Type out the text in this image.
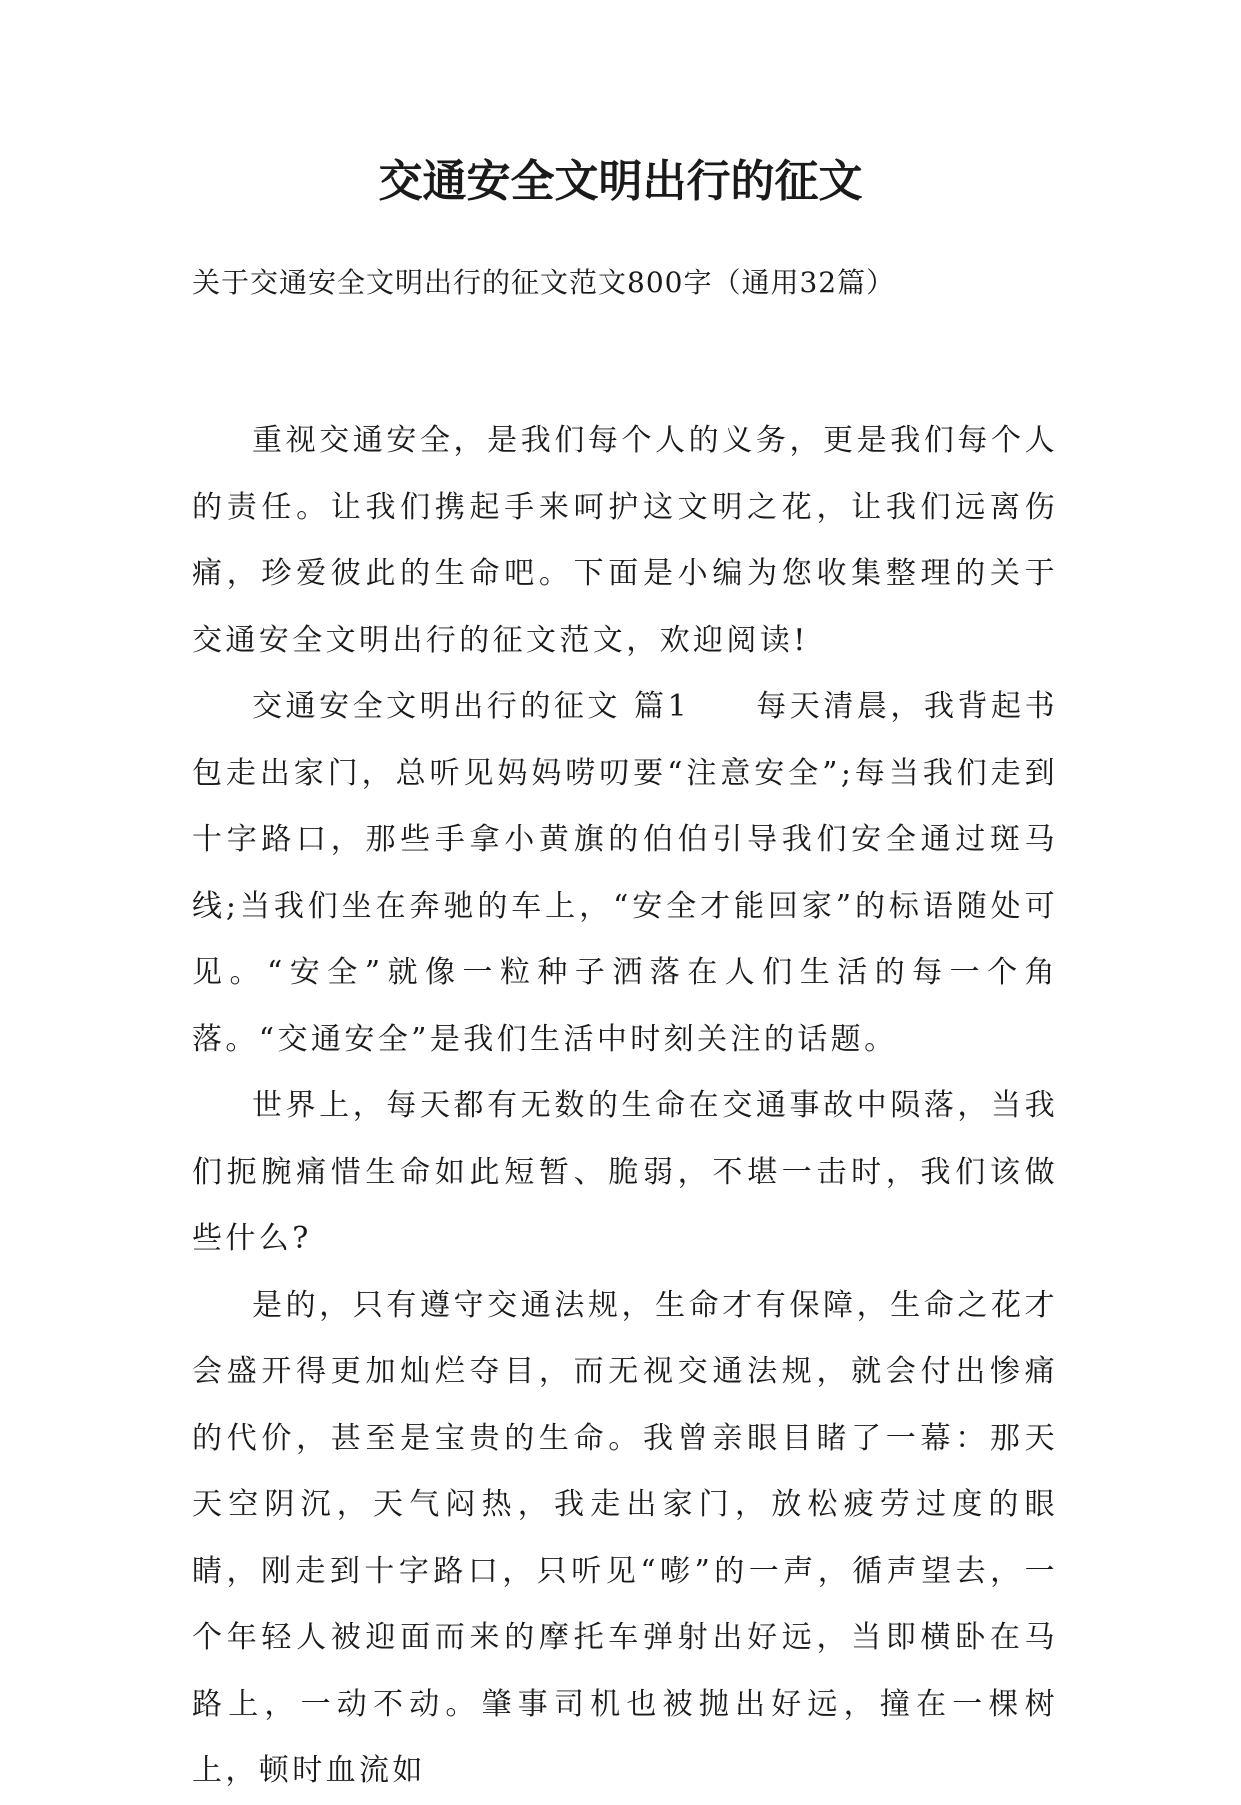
交通安全文明出行的征文

关于交通安全文明出行的征文范文800字（通用32篇）

重视交通安全，是我们每个人的义务，更是我们每个人的责任。让我们携起手来呵护这文明之花，让我们远离伤痛，珍爱彼此的生命吧。下面是小编为您收集整理的关于交通安全文明出行的征文范文，欢迎阅读!

交通安全文明出行的征文 篇1 每天清晨，我背起书包走出家门，总听见妈妈唠叨要“注意安全”;每当我们走到十字路口，那些手拿小黄旗的伯伯引导我们安全通过斑马线;当我们坐在奔驰的车上，“安全才能回家”的标语随处可见。“安全”就像一粒种子洒落在人们生活的每一个角落。“交通安全”是我们生活中时刻关注的话题。

世界上，每天都有无数的生命在交通事故中陨落，当我们扼腕痛惜生命如此短暂、脆弱，不堪一击时，我们该做些什么?

是的，只有遵守交通法规，生命才有保障，生命之花才会盛开得更加灿烂夺目，而无视交通法规，就会付出惨痛的代价，甚至是宝贵的生命。我曾亲眼目睹了一幕：那天天空阴沉，天气闷热，我走出家门，放松疲劳过度的眼睛，刚走到十字路口，只听见“嘭”的一声，循声望去，一个年轻人被迎面而来的摩托车弹射出好远，当即横卧在马路上，一动不动。肇事司机也被抛出好远，撞在一棵树上，顿时血流如
